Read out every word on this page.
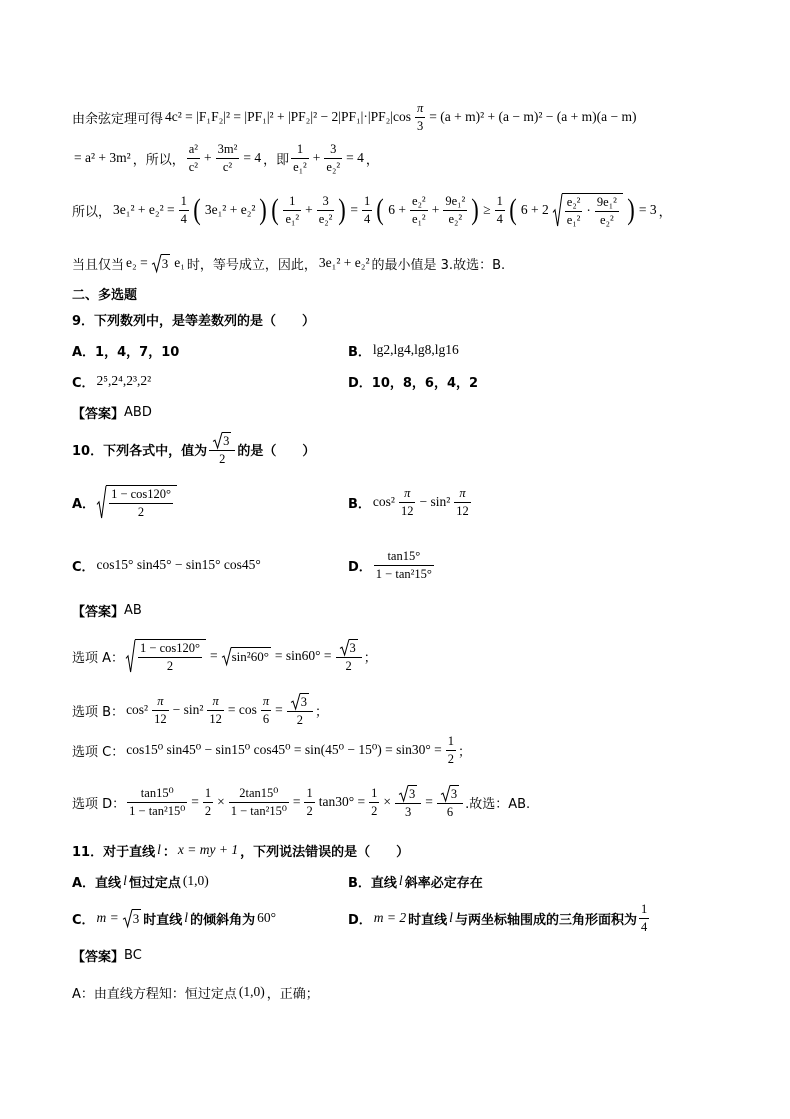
由余弦定理可得 $4c^2 = |F_1F_2|^2 = |PF_1|^2 + |PF_2|^2 - 2|PF_1|\cdot|PF_2|\cos \frac{\pi}{3} = (a + m)^2 + (a - m)^2 - (a + m)(a - m)$
= a² + 3m² ，所以， $\frac{\text{a²}}{\text{c²}} + \frac{\text{3m²}}{\text{c²}} = 4$ ，即 $\frac{1}{\text{e₁²}} + \frac{3}{\text{e₂²}} = 4$ ，
所以， $3e_1^2 + e_2^2 = \frac{1}{4}$ ( 3e₁² + e₂² ) ( $\frac{1}{\text{e₁²}} + \frac{3}{\text{e₂²}}$ ) = $\frac{1}{4}$ ( $6 + \frac{\text{e₂²}}{\text{e₁²}} + \frac{\text{9e₁²}}{\text{e₂²}}$ ) ≥ $\frac{1}{4}$ ( $6 + 2 \frac{\text{e₂²}}{\text{e₁²}} \cdot \frac{\text{9e₁²}}{\text{e₂²}}$ ) = 3 ，
当且仅当 e₂ = 3 e₁ 时，等号成立，因此， 3e₁² + e₂² 的最小值是 3.故选：B.
二、多选题
9．下列数列中，是等差数列的是（　　）
A．1，4，7，10	B． lg2,lg4,lg8,lg16
C． 2⁵,2⁴,2³,2²	D．10，8，6，4，2
【答案】 ABD
10．下列各式中，值为 $\frac{3}{2}$ 的是（　　）
A． $\frac{1 - \cos 120^\circ}{2}$	B． $\cos^2 \frac{\pi}{12} - \sin^2 \frac{\pi}{12}$
C． cos15° sin45° − sin15° cos45°	D． $\frac{\tan 15^\circ}{\text{1 − tan²15°}}$
【答案】 AB
选项 A： $\frac{1 - \cos 120^\circ}{2} = \sin^260^\circ = \sin 60^\circ = \frac{3}{2}$ ；
选项 B： $\cos^2 \frac{\pi}{12} - \sin^2 \frac{\pi}{12} = \cos \frac{\pi}{6} = \frac{3}{2}$ ；
选项 C： cos15⁰ sin45⁰ − sin15⁰ $\cos 45^0 = \sin(45^0 - 15^0) = \sin 30^\circ = \frac{1}{2}$ ；
选项 D： $\frac{\text{tan15⁰}}{\text{1 − tan²15⁰}} = \frac{1}{2} \times \frac{\text{2tan15⁰}}{\text{1 − tan²15⁰}} = \frac{1}{2} \tan 30^\circ = \frac{1}{2} \times \frac{3}{3} = \frac{3}{6}$ .故选：AB.
11．对于直线 l ： x = my + 1 ，下列说法错误的是（　　）
A．直线 l 恒过定点 (1,0)	B．直线 l 斜率必定存在
C． m = 3 时直线 l 的倾斜角为 60°	D． m = 2 时直线 l 与两坐标轴围成的三角形面积为 $\frac{1}{4}$
【答案】 BC
A：由直线方程知：恒过定点 (1,0) ，正确；
